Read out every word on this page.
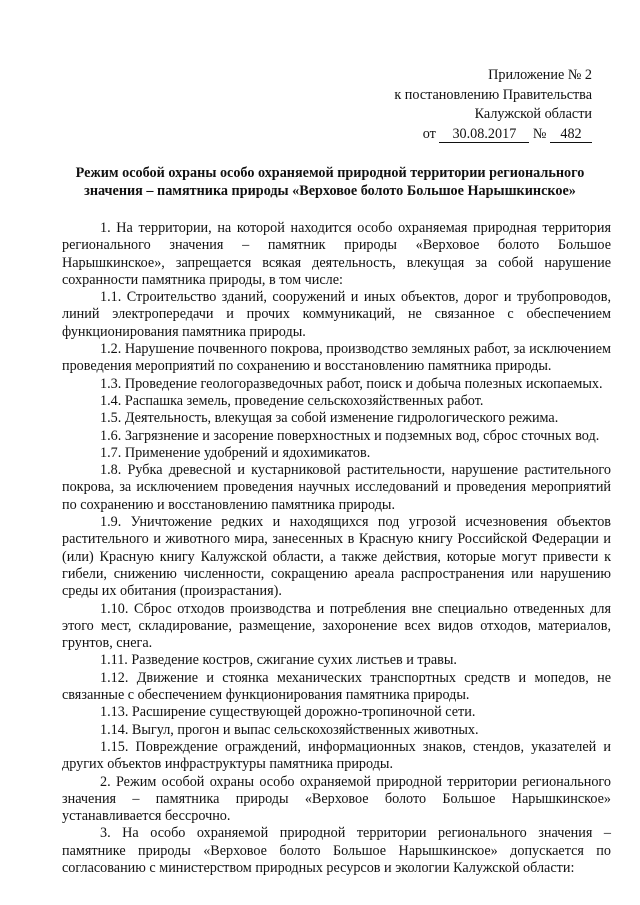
Приложение № 2
к постановлению Правительства
Калужской области
от 30.08.2017 № 482
Режим особой охраны особо охраняемой природной территории регионального
значения – памятника природы «Верховое болото Большое Нарышкинское»

1. На территории, на которой находится особо охраняемая природная территория регионального значения – памятник природы «Верховое болото Большое Нарышкинское», запрещается всякая деятельность, влекущая за собой нарушение сохранности памятника природы, в том числе:

1.1. Строительство зданий, сооружений и иных объектов, дорог и трубопроводов, линий электропередачи и прочих коммуникаций, не связанное с обеспечением функционирования памятника природы.

1.2. Нарушение почвенного покрова, производство земляных работ, за исключением проведения мероприятий по сохранению и восстановлению памятника природы.

1.3. Проведение геологоразведочных работ, поиск и добыча полезных ископаемых.

1.4. Распашка земель, проведение сельскохозяйственных работ.

1.5. Деятельность, влекущая за собой изменение гидрологического режима.

1.6. Загрязнение и засорение поверхностных и подземных вод, сброс сточных вод.

1.7. Применение удобрений и ядохимикатов.

1.8. Рубка древесной и кустарниковой растительности, нарушение растительного покрова, за исключением проведения научных исследований и проведения мероприятий по сохранению и восстановлению памятника природы.

1.9. Уничтожение редких и находящихся под угрозой исчезновения объектов растительного и животного мира, занесенных в Красную книгу Российской Федерации и (или) Красную книгу Калужской области, а также действия, которые могут привести к гибели, снижению численности, сокращению ареала распространения или нарушению среды их обитания (произрастания).

1.10. Сброс отходов производства и потребления вне специально отведенных для этого мест, складирование, размещение, захоронение всех видов отходов, материалов, грунтов, снега.

1.11. Разведение костров, сжигание сухих листьев и травы.

1.12. Движение и стоянка механических транспортных средств и мопедов, не связанные с обеспечением функционирования памятника природы.

1.13. Расширение существующей дорожно-тропиночной сети.

1.14. Выгул, прогон и выпас сельскохозяйственных животных.

1.15. Повреждение ограждений, информационных знаков, стендов, указателей и других объектов инфраструктуры памятника природы.

2. Режим особой охраны особо охраняемой природной территории регионального значения – памятника природы «Верховое болото Большое Нарышкинское» устанавливается бессрочно.

3. На особо охраняемой природной территории регионального значения – памятнике природы «Верховое болото Большое Нарышкинское» допускается по согласованию с министерством природных ресурсов и экологии Калужской области:
